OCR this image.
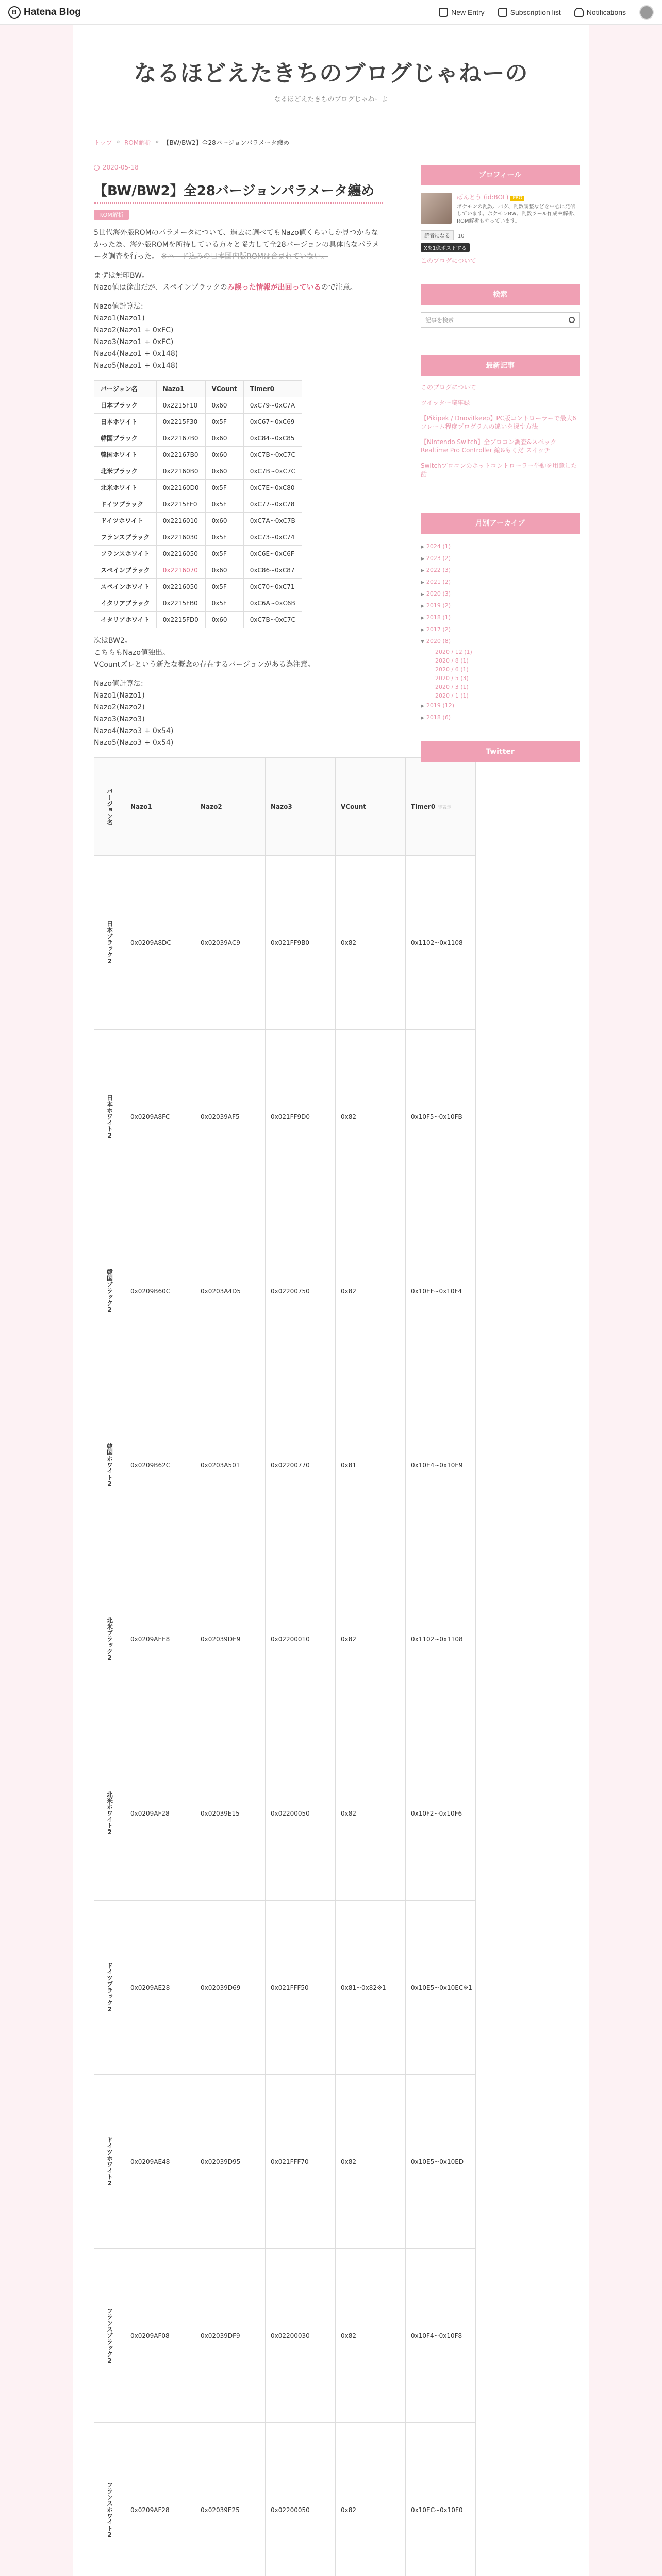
B Hatena Blog	New Entry	Subscription list	Notifications
なるほどえたきちのブログじゃねーの
なるほどえたきちのブログじゃねーよ
トップ » ROM解析 » 【BW/BW2】全28バージョンパラメータ纏め
2020-05-18
【BW/BW2】全28バージョンパラメータ纏め
ROM解析
5世代海外版ROMのパラメータについて、過去に調べてもNazo値くらいしか見つからなかった為、海外版ROMを所持している方々と協力して全28バージョンの具体的なパラメータ調査を行った。 ※ハード込みの日本国内版ROMは含まれていない。
まずは無印BW。
Nazo値は徐出だが、スペインブラックのみ誤った情報が出回っているので注意。
Nazo値計算法:
Nazo1(Nazo1)
Nazo2(Nazo1 + 0xFC)
Nazo3(Nazo1 + 0xFC)
Nazo4(Nazo1 + 0x148)
Nazo5(Nazo1 + 0x148)
バージョン名	Nazo1	VCount	Timer0
日本ブラック	0x2215F10	0x60	0xC79~0xC7A
日本ホワイト	0x2215F30	0x5F	0xC67~0xC69
韓国ブラック	0x22167B0	0x60	0xC84~0xC85
韓国ホワイト	0x22167B0	0x60	0xC7B~0xC7C
北米ブラック	0x22160B0	0x60	0xC7B~0xC7C
北米ホワイト	0x22160D0	0x5F	0xC7E~0xC80
ドイツブラック	0x2215FF0	0x5F	0xC77~0xC78
ドイツホワイト	0x2216010	0x60	0xC7A~0xC7B
フランスブラック	0x2216030	0x5F	0xC73~0xC74
フランスホワイト	0x2216050	0x5F	0xC6E~0xC6F
スペインブラック	0x2216070	0x60	0xC86~0xC87
スペインホワイト	0x2216050	0x5F	0xC70~0xC71
イタリアブラック	0x2215FB0	0x5F	0xC6A~0xC6B
イタリアホワイト	0x2215FD0	0x60	0xC7B~0xC7C
次はBW2。
こちらもNazo値独出。
VCountズレという新たな概念の存在するバージョンがある為注意。
Nazo値計算法:
Nazo1(Nazo1)
Nazo2(Nazo2)
Nazo3(Nazo3)
Nazo4(Nazo3 + 0x54)
Nazo5(Nazo3 + 0x54)
バージョン名	Nazo1	Nazo2	Nazo3	VCount	Timer0 非表示

日本ブラック2	0x0209A8DC	0x02039AC9	0x021FF9B0	0x82	0x1102~0x1108

日本ホワイト2	0x0209A8FC	0x02039AF5	0x021FF9D0	0x82	0x10F5~0x10FB

韓国ブラック2	0x0209B60C	0x0203A4D5	0x02200750	0x82	0x10EF~0x10F4

韓国ホワイト2	0x0209B62C	0x0203A501	0x02200770	0x81	0x10E4~0x10E9

北米ブラック2	0x0209AEE8	0x02039DE9	0x02200010	0x82	0x1102~0x1108

北米ホワイト2	0x0209AF28	0x02039E15	0x02200050	0x82	0x10F2~0x10F6

ドイツブラック2	0x0209AE28	0x02039D69	0x021FFF50	0x81~0x82※1	0x10E5~0x10EC※1

ドイツホワイト2	0x0209AE48	0x02039D95	0x021FFF70	0x82	0x10E5~0x10ED

フランスブラック2	0x0209AF08	0x02039DF9	0x02200030	0x82	0x10F4~0x10F8

フランスホワイト2	0x0209AF28	0x02039E25	0x02200050	0x82	0x10EC~0x10F0

プロフィール
ばんとう (id:BOL) PRO
ポケモンの乱数、バグ、乱数調整などを中心に発信しています。ポケモンBW、乱数ツール作成や解析、ROM解析もやっています。
読者になる 10
Xを1億ポストする
このブログについて
検索
記事を検索
最新記事
このブログについて
ツイッター議事録
【Pikipek / Dnovitkeep】PC版コントローラーで最大6フレーム程度プログラムの違いを探す方法
【Nintendo Switch】全プロコン調査&スペック Realtime Pro Controller 編&もくだ スイッチ
Switchプロコンのホットコントローラー挙動を用意した話
月別アーカイブ
▶ 2024 (1)
▶ 2023 (2)
▶ 2022 (3)
▶ 2021 (2)
▶ 2020 (3)
▶ 2019 (2)
▶ 2018 (1)
▶ 2017 (2)
▼ 2020 (8)
2020 / 12 (1)
2020 / 8 (1)
2020 / 6 (1)
2020 / 5 (3)
2020 / 3 (1)
2020 / 1 (1)
▶ 2019 (12)
▶ 2018 (6)
Twitter
